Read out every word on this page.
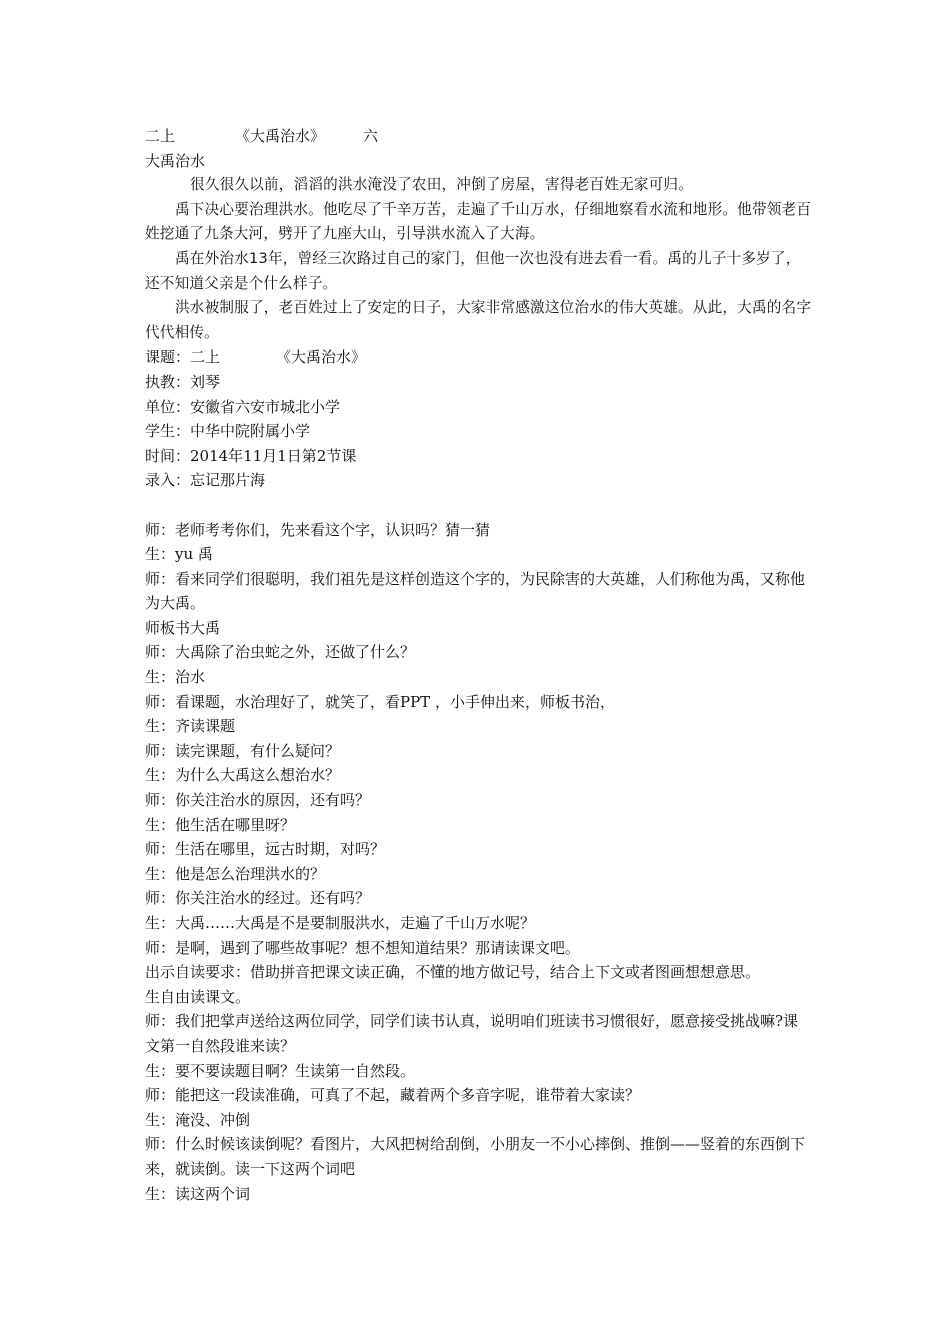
二上	《大禹治水》	六

大禹治水

很久很久以前，滔滔的洪水淹没了农田，冲倒了房屋，害得老百姓无家可归。

禹下决心要治理洪水。他吃尽了千辛万苦，走遍了千山万水，仔细地察看水流和地形。他带领老百姓挖通了九条大河，劈开了九座大山，引导洪水流入了大海。

禹在外治水13年，曾经三次路过自己的家门，但他一次也没有进去看一看。禹的儿子十多岁了，还不知道父亲是个什么样子。

洪水被制服了，老百姓过上了安定的日子，大家非常感激这位治水的伟大英雄。从此，大禹的名字代代相传。

课题：二上	《大禹治水》

执教：刘琴

单位：安徽省六安市城北小学

学生：中华中院附属小学

时间：2014年11月1日第2节课

录入：忘记那片海

师：老师考考你们，先来看这个字，认识吗？猜一猜

生：yu 禹

师：看来同学们很聪明，我们祖先是这样创造这个字的，为民除害的大英雄，人们称他为禹，又称他为大禹。

师板书大禹

师：大禹除了治虫蛇之外，还做了什么？

生：治水

师：看课题，水治理好了，就笑了，看PPT ，小手伸出来，师板书治，

生：齐读课题

师：读完课题，有什么疑问？

生：为什么大禹这么想治水？

师：你关注治水的原因，还有吗？

生：他生活在哪里呀？

师：生活在哪里，远古时期，对吗？

生：他是怎么治理洪水的？

师：你关注治水的经过。还有吗？

生：大禹……大禹是不是要制服洪水，走遍了千山万水呢？

师：是啊，遇到了哪些故事呢？想不想知道结果？那请读课文吧。

出示自读要求：借助拼音把课文读正确，不懂的地方做记号，结合上下文或者图画想想意思。

生自由读课文。

师：我们把掌声送给这两位同学，同学们读书认真，说明咱们班读书习惯很好，愿意接受挑战嘛?课文第一自然段谁来读？

生：要不要读题目啊？生读第一自然段。

师：能把这一段读准确，可真了不起，藏着两个多音字呢，谁带着大家读？

生：淹没、冲倒

师：什么时候该读倒呢？看图片，大风把树给刮倒，小朋友一不小心摔倒、推倒——竖着的东西倒下来，就读倒。读一下这两个词吧

生：读这两个词
